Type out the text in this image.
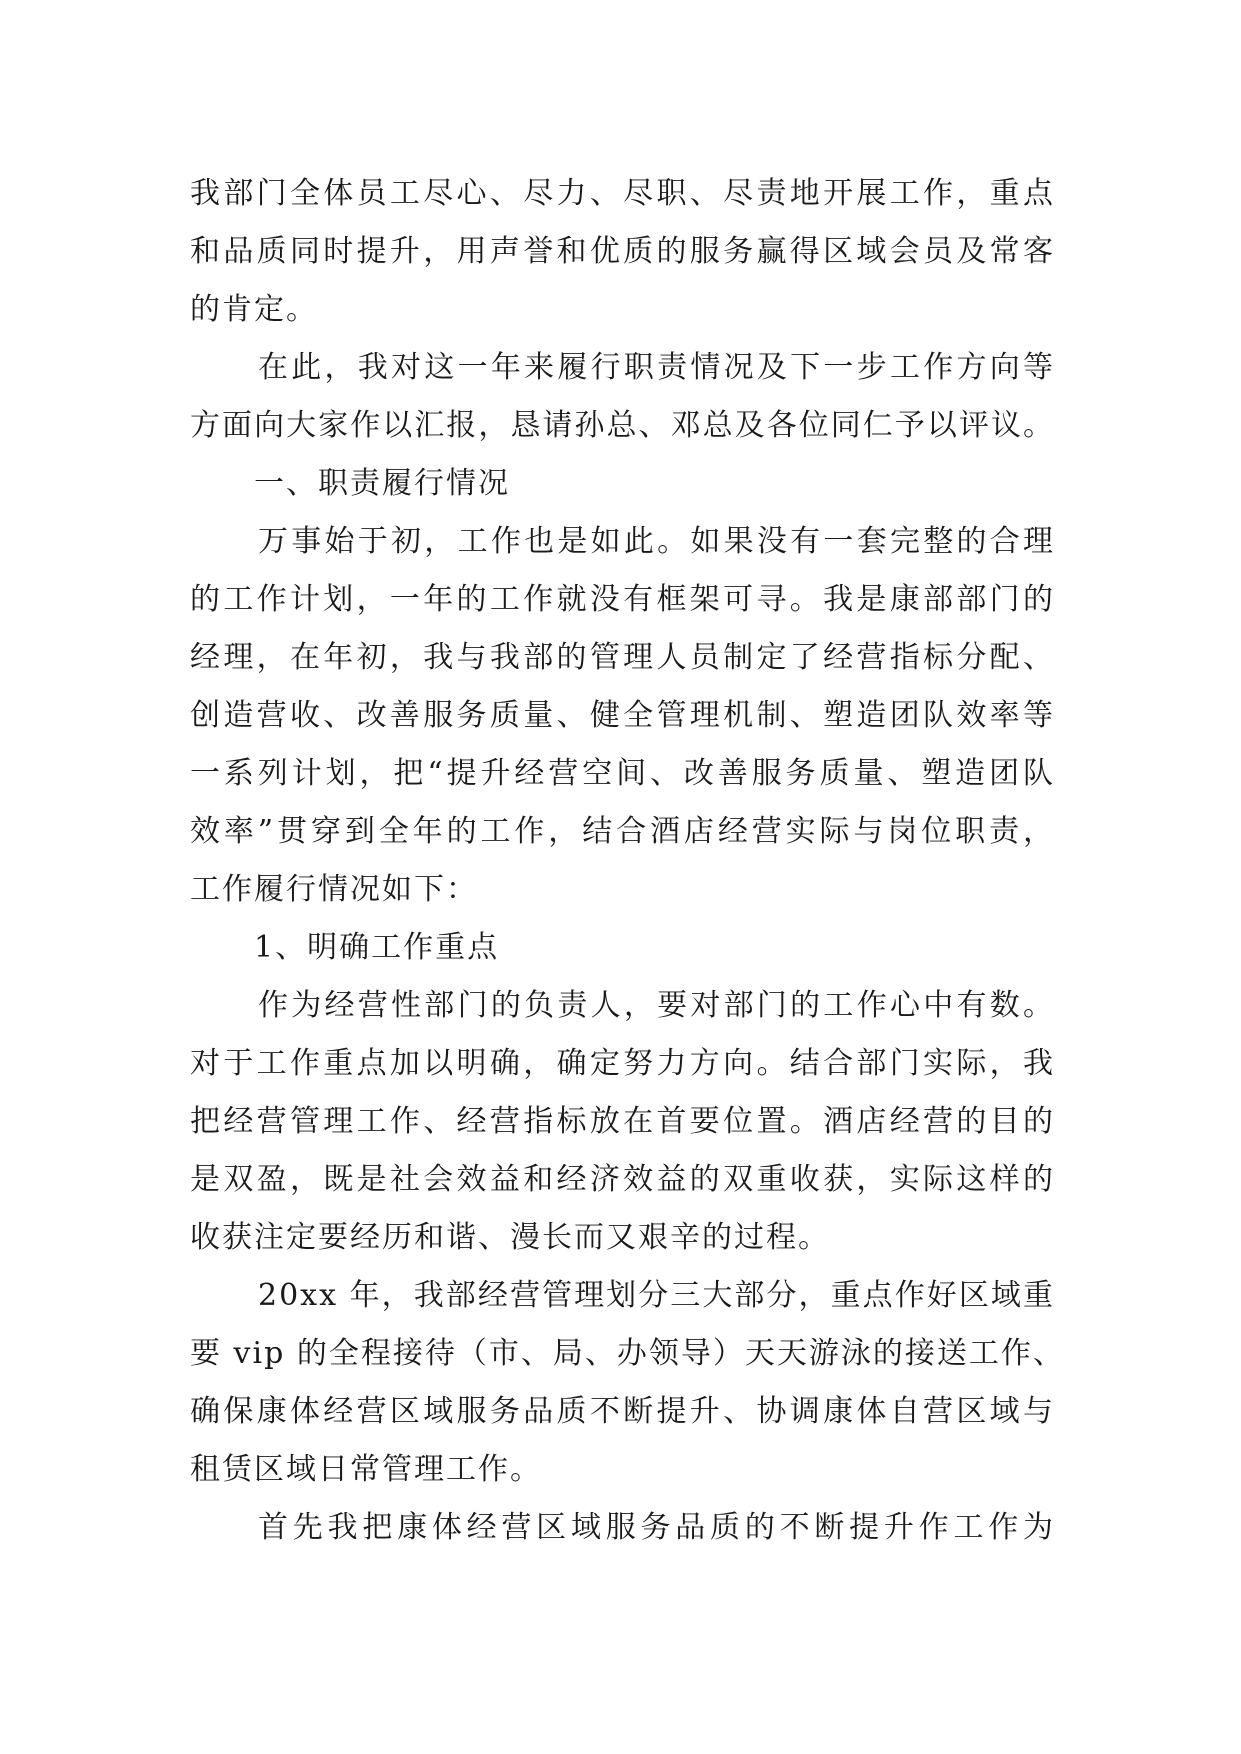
我部门全体员工尽心、尽力、尽职、尽责地开展工作，重点
和品质同时提升，用声誉和优质的服务赢得区域会员及常客
的肯定。
在此，我对这一年来履行职责情况及下一步工作方向等
方面向大家作以汇报，恳请孙总、邓总及各位同仁予以评议。
一、职责履行情况
万事始于初，工作也是如此。如果没有一套完整的合理
的工作计划，一年的工作就没有框架可寻。我是康部部门的
经理，在年初，我与我部的管理人员制定了经营指标分配、
创造营收、改善服务质量、健全管理机制、塑造团队效率等
一系列计划，把“提升经营空间、改善服务质量、塑造团队
效率”贯穿到全年的工作，结合酒店经营实际与岗位职责，
工作履行情况如下：
1、明确工作重点
作为经营性部门的负责人，要对部门的工作心中有数。
对于工作重点加以明确，确定努力方向。结合部门实际，我
把经营管理工作、经营指标放在首要位置。酒店经营的目的
是双盈，既是社会效益和经济效益的双重收获，实际这样的
收获注定要经历和谐、漫长而又艰辛的过程。
20xx 年，我部经营管理划分三大部分，重点作好区域重
要 vip 的全程接待（市、局、办领导）天天游泳的接送工作、
确保康体经营区域服务品质不断提升、协调康体自营区域与
租赁区域日常管理工作。
首先我把康体经营区域服务品质的不断提升作工作为
